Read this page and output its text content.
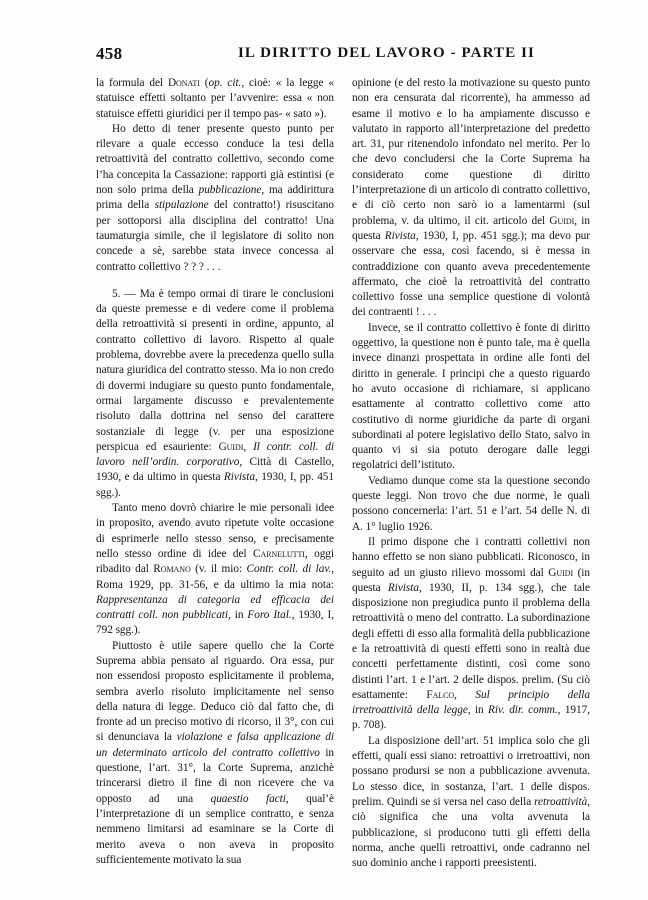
458	IL DIRITTO DEL LAVORO - PARTE II

la formula del Donati (op. cit., cioè: « la legge « statuisce effetti soltanto per l’avvenire: essa « non statuisce effetti giuridici per il tempo pas- « sato »).

Ho detto di tener presente questo punto per rilevare a quale eccesso conduce la tesi della retroattività del contratto collettivo, secondo come l’ha concepita la Cassazione: rapporti già estintisi (e non solo prima della pubblicazione, ma addirittura prima della stipulazione del contratto!) risuscitano per sottoporsi alla disciplina del contratto! Una taumaturgia simile, che il legislatore di solito non concede a sè, sarebbe stata invece concessa al contratto collettivo ? ? ? . . .

5. — Ma è tempo ormai di tirare le conclusioni da queste premesse e di vedere come il problema della retroattività si presenti in ordine, appunto, al contratto collettivo di lavoro. Rispetto al quale problema, dovrebbe avere la precedenza quello sulla natura giuridica del contratto stesso. Ma io non credo di dovermi indugiare su questo punto fondamentale, ormai largamente discusso e prevalentemente risoluto dalla dottrina nel senso del carattere sostanziale di legge (v. per una esposizione perspicua ed esauriente: Guidi, Il contr. coll. di lavoro nell’ordin. corporativo, Città di Castello, 1930, e da ultimo in questa Rivista, 1930, I, pp. 451 sgg.).

Tanto meno dovrò chiarire le mie personali idee in proposito, avendo avuto ripetute volte occasione di esprimerle nello stesso senso, e precisamente nello stesso ordine di idee del Carnelutti, oggi ribadito dal Romano (v. il mio: Contr. coll. di lav., Roma 1929, pp. 31-56, e da ultimo la mia nota: Rappresentanza di categoria ed efficacia dei contratti coll. non pubblicati, in Foro Ital., 1930, I, 792 sgg.).

Piuttosto è utile sapere quello che la Corte Suprema abbia pensato al riguardo. Ora essa, pur non essendosi proposto esplicitamente il problema, sembra averlo risoluto implicitamente nel senso della natura di legge. Deduco ciò dal fatto che, di fronte ad un preciso motivo di ricorso, il 3°, con cui si denunciava la violazione e falsa applicazione di un determinato articolo del contratto collettivo in questione, l’art. 31°, la Corte Suprema, anzichè trincerarsi dietro il fine di non ricevere che va opposto ad una quaestio facti, qual’è l’interpretazione di un semplice contratto, e senza nemmeno limitarsi ad esaminare se la Corte di merito aveva o non aveva in proposito sufficientemente motivato la sua

opinione (e del resto la motivazione su questo punto non era censurata dal ricorrente), ha ammesso ad esame il motivo e lo ha ampiamente discusso e valutato in rapporto all’interpretazione del predetto art. 31, pur ritenendolo infondato nel merito. Per lo che devo concludersi che la Corte Suprema ha considerato come questione di diritto l’interpretazione di un articolo di contratto collettivo, e di ciò certo non sarò io a lamentarmi (sul problema, v. da ultimo, il cit. articolo del Guidi, in questa Rivista, 1930, I, pp. 451 sgg.); ma devo pur osservare che essa, così facendo, si è messa in contraddizione con quanto aveva precedentemente affermato, che cioè la retroattività del contratto collettivo fosse una semplice questione di volontà dei contraenti ! . . .

Invece, se il contratto collettivo è fonte di diritto oggettivo, la questione non è punto tale, ma è quella invece dinanzi prospettata in ordine alle fonti del diritto in generale. I principi che a questo riguardo ho avuto occasione di richiamare, si applicano esattamente al contratto collettivo come atto costitutivo di norme giuridiche da parte di organi subordinati al potere legislativo dello Stato, salvo in quanto vi si sia potuto derogare dalle leggi regolatrici dell’istituto.

Vediamo dunque come sta la questione secondo queste leggi. Non trovo che due norme, le quali possono concernerla: l’art. 51 e l’art. 54 delle N. di A. 1° luglio 1926.

Il primo dispone che i contratti collettivi non hanno effetto se non siano pubblicati. Riconosco, in seguito ad un giusto rilievo mossomi dal Guidi (in questa Rivista, 1930, II, p. 134 sgg.), che tale disposizione non pregiudica punto il problema della retroattività o meno del contratto. La subordinazione degli effetti di esso alla formalità della pubblicazione e la retroattività di questi effetti sono in realtà due concetti perfettamente distinti, così come sono distinti l’art. 1 e l’art. 2 delle dispos. prelim. (Su ciò esattamente: Falco, Sul principio della irretroattività della legge, in Riv. dir. comm., 1917, p. 708).

La disposizione dell’art. 51 implica solo che gli effetti, quali essi siano: retroattivi o irretroattivi, non possano prodursi se non a pubblicazione avvenuta. Lo stesso dice, in sostanza, l’art. 1 delle dispos. prelim. Quindi se si versa nel caso della retroattività, ciò significa che una volta avvenuta la pubblicazione, si producono tutti gli effetti della norma, anche quelli retroattivi, onde cadranno nel suo dominio anche i rapporti preesistenti.
